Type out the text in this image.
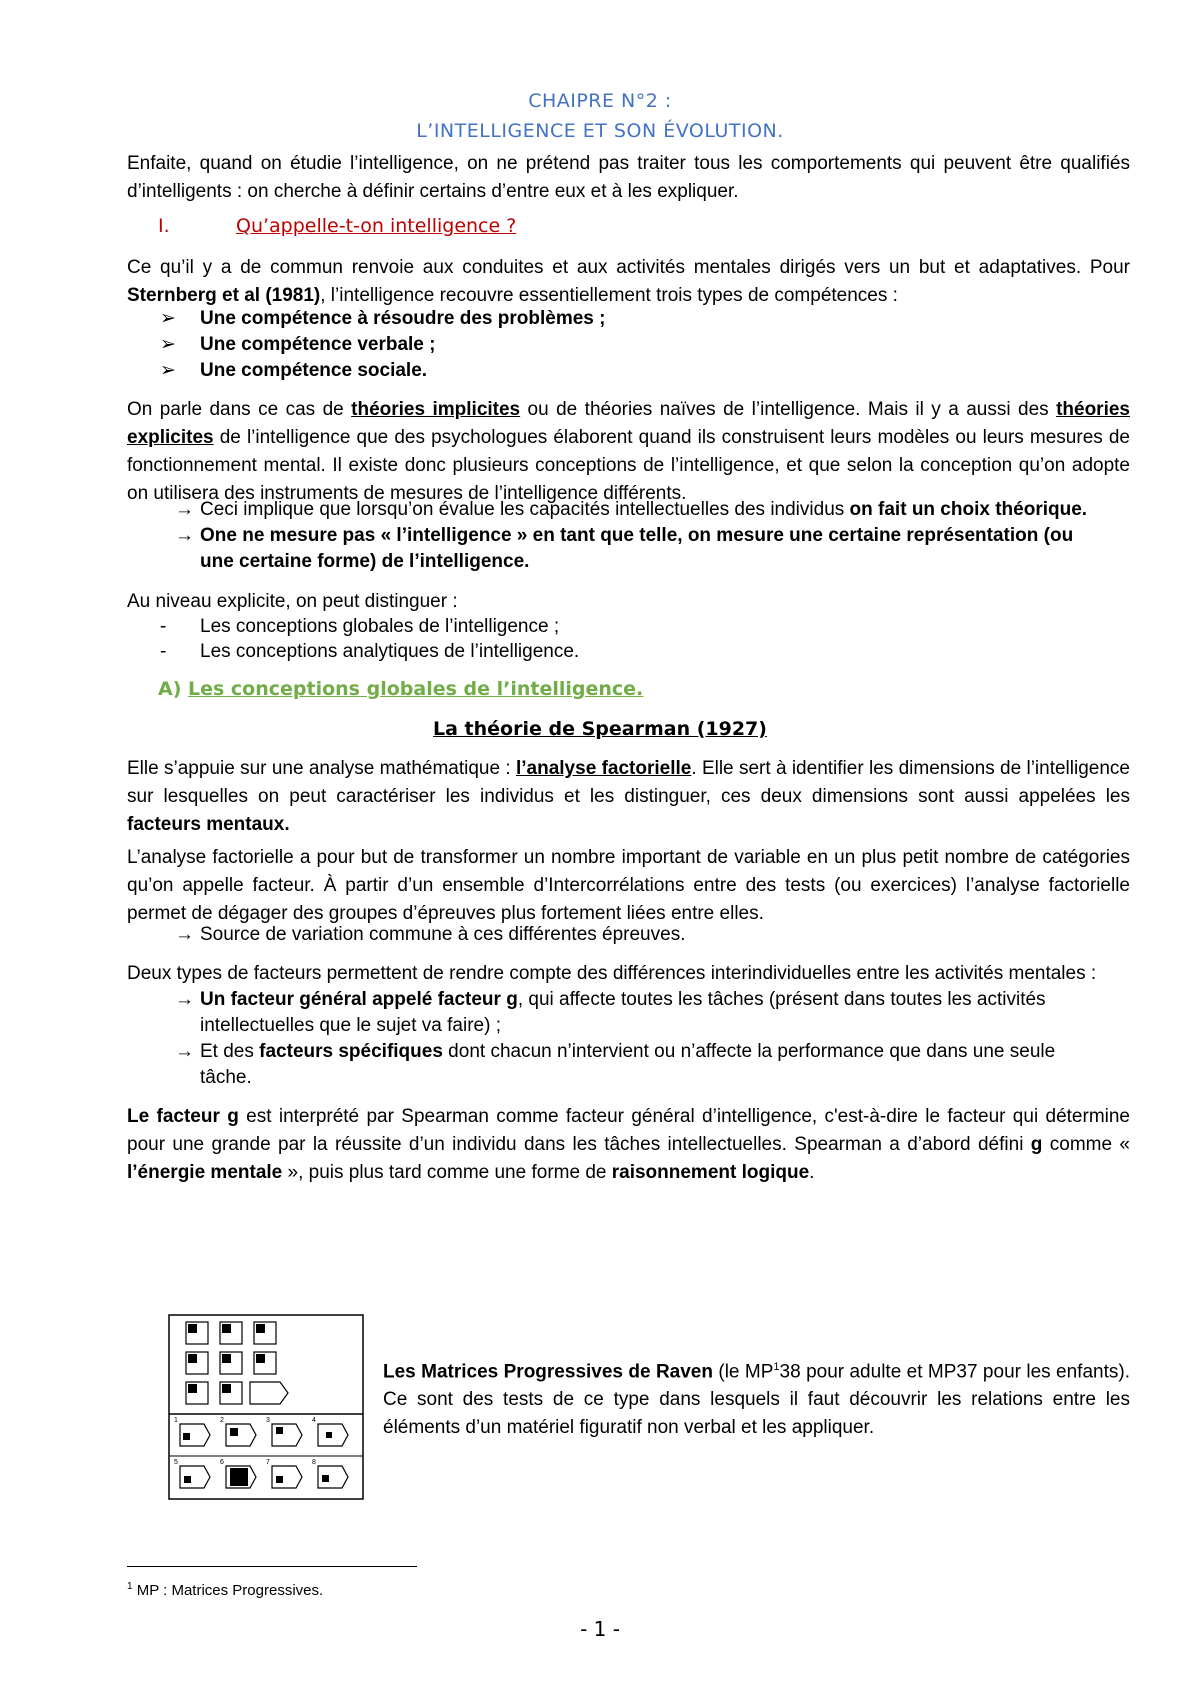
CHAIPRE N°2 :
L’INTELLIGENCE ET SON ÉVOLUTION.

Enfaite, quand on étudie l’intelligence, on ne prétend pas traiter tous les comportements qui peuvent être qualifiés d’intelligents : on cherche à définir certains d’entre eux et à les expliquer.

I.	Qu’appelle-t-on intelligence ?

Ce qu’il y a de commun renvoie aux conduites et aux activités mentales dirigés vers un but et adaptatives. Pour Sternberg et al (1981), l’intelligence recouvre essentiellement trois types de compétences :

➢ Une compétence à résoudre des problèmes ;
➢ Une compétence verbale ;
➢ Une compétence sociale.

On parle dans ce cas de théories implicites ou de théories naïves de l’intelligence. Mais il y a aussi des théories explicites de l’intelligence que des psychologues élaborent quand ils construisent leurs modèles ou leurs mesures de fonctionnement mental. Il existe donc plusieurs conceptions de l’intelligence, et que selon la conception qu’on adopte on utilisera des instruments de mesures de l’intelligence différents.

→ Ceci implique que lorsqu’on évalue les capacités intellectuelles des individus on fait un choix théorique.
→ One ne mesure pas « l’intelligence » en tant que telle, on mesure une certaine représentation (ou
une certaine forme) de l’intelligence.

Au niveau explicite, on peut distinguer :

- Les conceptions globales de l’intelligence ;
- Les conceptions analytiques de l’intelligence.
A) Les conceptions globales de l’intelligence.
La théorie de Spearman (1927)

Elle s’appuie sur une analyse mathématique : l’analyse factorielle. Elle sert à identifier les dimensions de l’intelligence sur lesquelles on peut caractériser les individus et les distinguer, ces deux dimensions sont aussi appelées les facteurs mentaux.

L’analyse factorielle a pour but de transformer un nombre important de variable en un plus petit nombre de catégories qu’on appelle facteur. À partir d’un ensemble d’Intercorrélations entre des tests (ou exercices) l’analyse factorielle permet de dégager des groupes d’épreuves plus fortement liées entre elles.

→ Source de variation commune à ces différentes épreuves.

Deux types de facteurs permettent de rendre compte des différences interindividuelles entre les activités mentales :

→ Un facteur général appelé facteur g, qui affecte toutes les tâches (présent dans toutes les activités
intellectuelles que le sujet va faire) ;
→ Et des facteurs spécifiques dont chacun n’intervient ou n’affecte la performance que dans une seule
tâche.

Le facteur g est interprété par Spearman comme facteur général d’intelligence, c'est-à-dire le facteur qui détermine pour une grande par la réussite d’un individu dans les tâches intellectuelles. Spearman a d’abord défini g comme « l’énergie mentale », puis plus tard comme une forme de raisonnement logique.

1	2	3	4
5	6	7	8

Les Matrices Progressives de Raven (le $MP^138$ pour adulte et MP37 pour les enfants). Ce sont des tests de ce type dans lesquels il faut découvrir les relations entre les éléments d’un matériel figuratif non verbal et les appliquer.

$^1$ MP : Matrices Progressives.
- 1 -
